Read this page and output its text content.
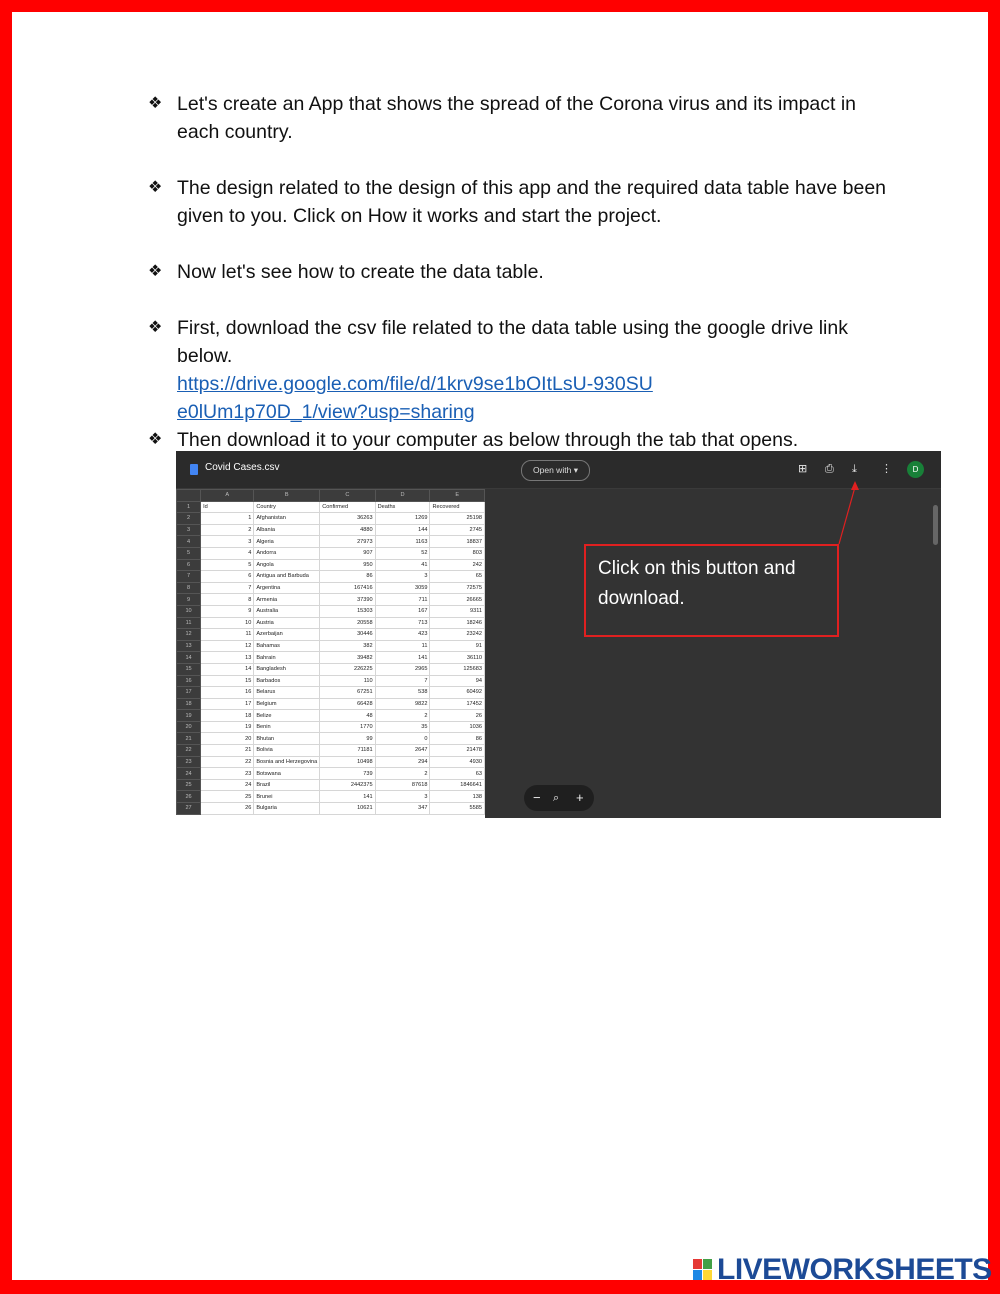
❖ Let's create an App that shows the spread of the Corona virus and its impact in each country.
❖ The design related to the design of this app and the required data table have been given to you. Click on How it works and start the project.
❖ Now let's see how to create the data table.
❖ First, download the csv file related to the data table using the google drive link below.
https://drive.google.com/file/d/1krv9se1bOItLsU-930SUe0lUm1p70D_1/view?usp=sharing
❖ Then download it to your computer as below through the tab that opens.
Covid Cases.csv	Open with ▾	⊞ ⎙ ⤓ ⋮	D
	A	B	C	D	E
1	Id	Country	Confirmed	Deaths	Recovered
2	1	Afghanistan	36263	1269	25198
3	2	Albania	4880	144	2745
4	3	Algeria	27973	1163	18837
5	4	Andorra	907	52	803
6	5	Angola	950	41	242
7	6	Antigua and Barbuda	86	3	65
8	7	Argentina	167416	3059	72575
9	8	Armenia	37390	711	26665
10	9	Australia	15303	167	9311
11	10	Austria	20558	713	18246
12	11	Azerbaijan	30446	423	23242
13	12	Bahamas	382	11	91
14	13	Bahrain	39482	141	36110
15	14	Bangladesh	226225	2965	125683
16	15	Barbados	110	7	94
17	16	Belarus	67251	538	60492
18	17	Belgium	66428	9822	17452
19	18	Belize	48	2	26
20	19	Benin	1770	35	1036
21	20	Bhutan	99	0	86
22	21	Bolivia	71181	2647	21478
23	22	Bosnia and Herzegovina	10498	294	4930
24	23	Botswana	739	2	63
25	24	Brazil	2442375	87618	1846641
26	25	Brunei	141	3	138
27	26	Bulgaria	10621	347	5585
Click on this button and download.
− ⌕ +
LIVEWORKSHEETS
